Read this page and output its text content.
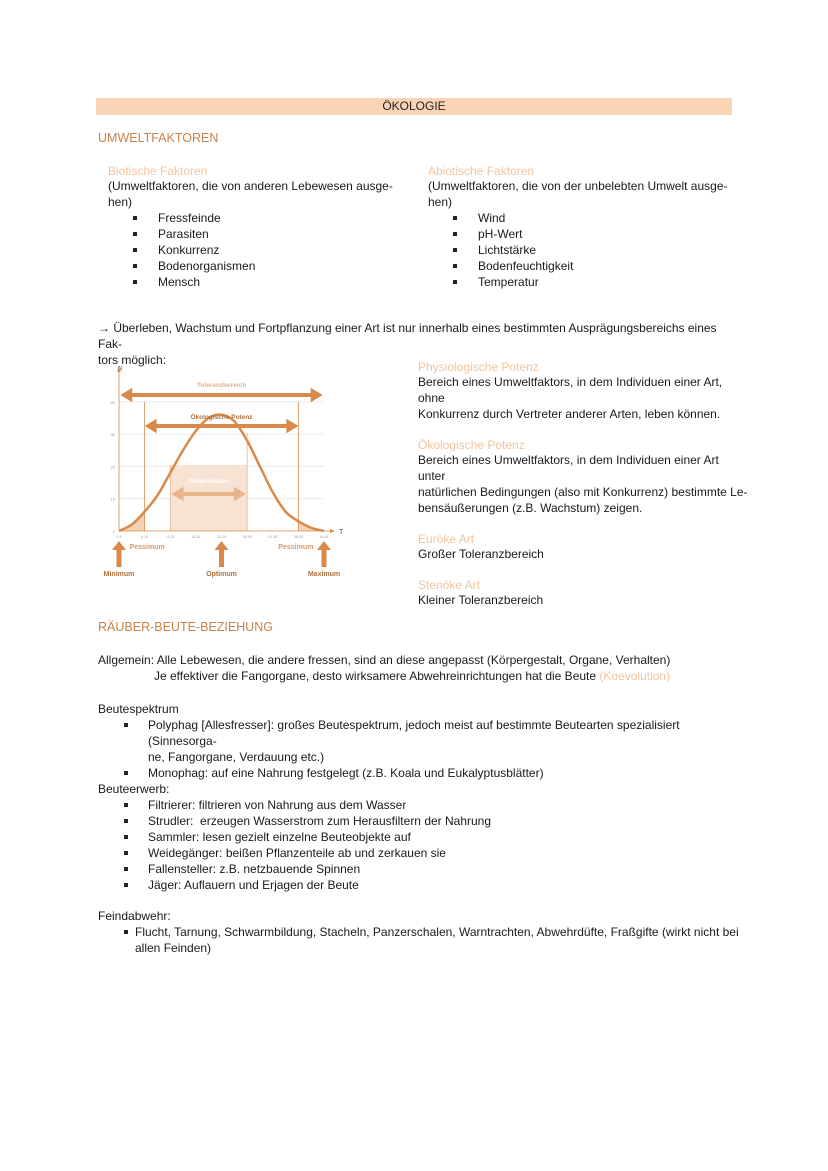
ÖKOLOGIE
UMWELTFAKTOREN
Biotische Faktoren
(Umweltfaktoren, die von anderen Lebewesen ausge-
hen)
Fressfeinde
Parasiten
Konkurrenz
Bodenorganismen
Mensch
Abiotische Faktoren
(Umweltfaktoren, die von der unbelebten Umwelt ausge-
hen)
Wind
pH-Wert
Lichtstärke
Bodenfeuchtigkeit
Temperatur
→ Überleben, Wachstum und Fortpflanzung einer Art ist nur innerhalb eines bestimmten Ausprägungsbereichs eines Fak-
tors möglich:
N
T
Toleranzbereich
Ökologische Potenz
Präferendum
0
10
20
30
40
0-5	6-10	11-15	16-20	21-25	26-30	31-35	36-40	41-45
Pessimum	Pessimum
Minimum	Optimum	Maximum
Physiologische Potenz
Bereich eines Umweltfaktors, in dem Individuen einer Art, ohne
Konkurrenz durch Vertreter anderer Arten, leben können.
Ökologische Potenz
Bereich eines Umweltfaktors, in dem Individuen einer Art unter
natürlichen Bedingungen (also mit Konkurrenz) bestimmte Le-
bensäußerungen (z.B. Wachstum) zeigen.
Euröke Art
Großer Toleranzbereich
Stenöke Art
Kleiner Toleranzbereich
RÄUBER-BEUTE-BEZIEHUNG
Allgemein: Alle Lebewesen, die andere fressen, sind an diese angepasst (Körpergestalt, Organe, Verhalten)
Je effektiver die Fangorgane, desto wirksamere Abwehreinrichtungen hat die Beute (Koevolution)
Beutespektrum
Polyphag [Allesfresser]: großes Beutespektrum, jedoch meist auf bestimmte Beutearten spezialisiert (Sinnesorga-
ne, Fangorgane, Verdauung etc.)
Monophag: auf eine Nahrung festgelegt (z.B. Koala und Eukalyptusblätter)
Beuteerwerb:
Filtrierer: filtrieren von Nahrung aus dem Wasser
Strudler:  erzeugen Wasserstrom zum Herausfiltern der Nahrung
Sammler: lesen gezielt einzelne Beuteobjekte auf
Weidegänger: beißen Pflanzenteile ab und zerkauen sie
Fallensteller: z.B. netzbauende Spinnen
Jäger: Auflauern und Erjagen der Beute
Feindabwehr:
Flucht, Tarnung, Schwarmbildung, Stacheln, Panzerschalen, Warntrachten, Abwehrdüfte, Fraßgifte (wirkt nicht bei
allen Feinden)
